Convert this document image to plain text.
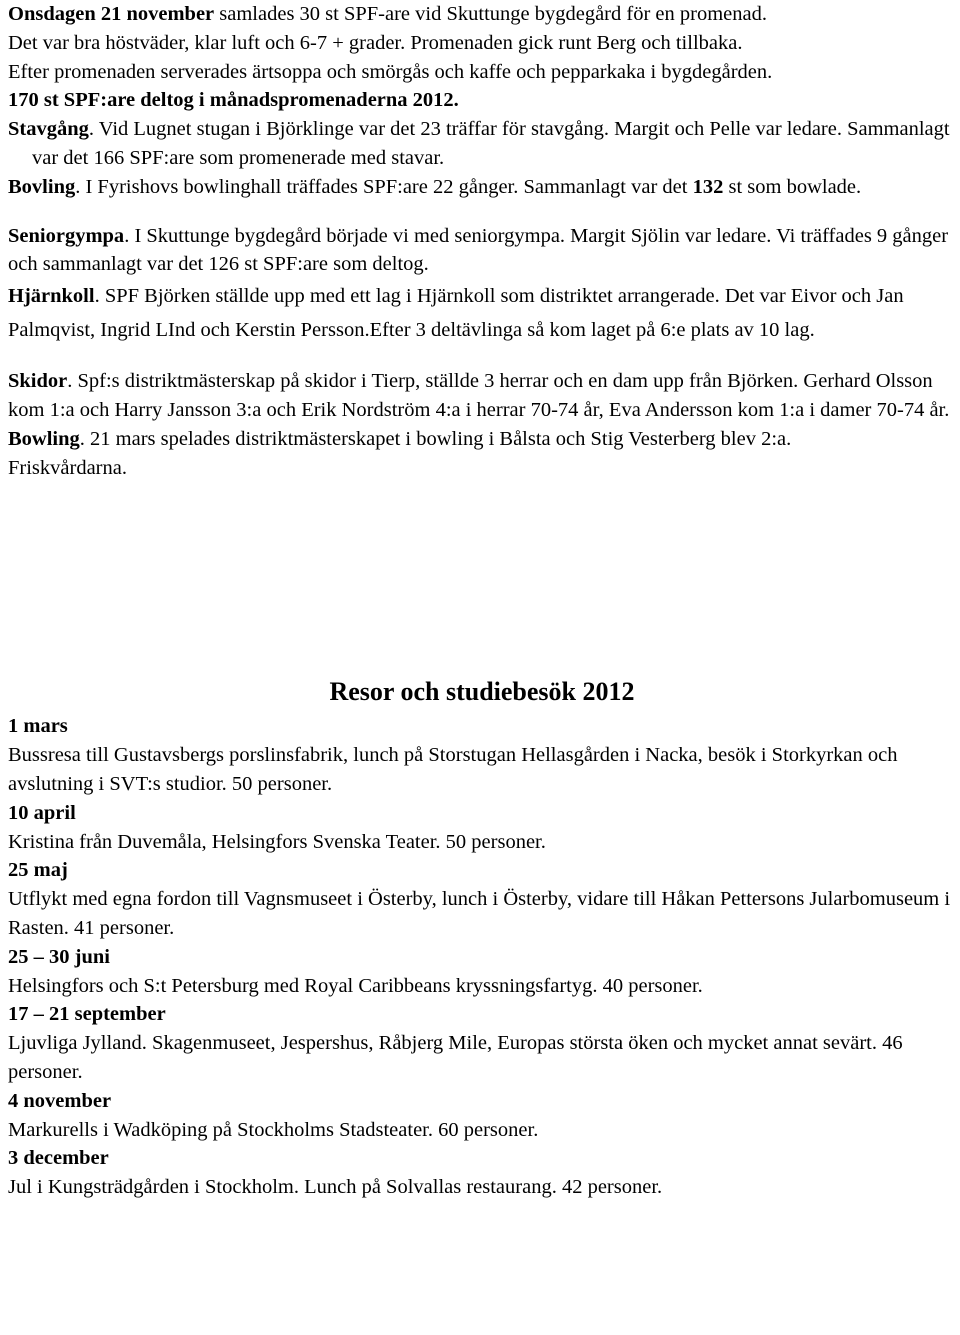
Onsdagen 21 november samlades 30 st SPF-are vid Skuttunge bygdegård för en promenad.
Det var bra höstväder, klar luft och 6-7 + grader. Promenaden gick runt Berg och tillbaka.
Efter promenaden serverades ärtsoppa och smörgås och kaffe och pepparkaka i bygdegården.
170 st SPF:are deltog i månadspromenaderna 2012.

Stavgång. Vid Lugnet stugan i Björklinge var det 23 träffar för stavgång. Margit och Pelle var ledare. Sammanlagt var det 166 SPF:are som promenerade med stavar.

Bovling. I Fyrishovs bowlinghall träffades SPF:are 22 gånger. Sammanlagt var det 132 st som bowlade.

Seniorgympa. I Skuttunge bygdegård började vi med seniorgympa. Margit Sjölin var ledare. Vi träffades 9 gånger och sammanlagt var det 126 st SPF:are som deltog.

Hjärnkoll. SPF Björken ställde upp med ett lag i Hjärnkoll som distriktet arrangerade. Det var Eivor och Jan Palmqvist, Ingrid LInd och Kerstin Persson.Efter 3 deltävlinga så kom laget på 6:e plats av 10 lag.

Skidor. Spf:s distriktmästerskap på skidor i Tierp, ställde 3 herrar och en dam upp från Björken. Gerhard Olsson kom 1:a och Harry Jansson 3:a och Erik Nordström 4:a i herrar 70-74 år, Eva Andersson kom 1:a i damer 70-74 år.

Bowling. 21 mars spelades distriktmästerskapet i bowling i Bålsta och Stig Vesterberg blev 2:a.

Friskvårdarna.

Resor och studiebesök 2012

1 mars

Bussresa till Gustavsbergs porslinsfabrik, lunch på Storstugan Hellasgården i Nacka, besök i Storkyrkan och avslutning i SVT:s studior. 50 personer.

10 april

Kristina från Duvemåla, Helsingfors Svenska Teater. 50 personer.

25 maj

Utflykt med egna fordon till Vagnsmuseet i Österby, lunch i Österby, vidare till Håkan Pettersons Jularbomuseum i Rasten. 41 personer.

25 – 30 juni

Helsingfors och S:t Petersburg med Royal Caribbeans kryssningsfartyg. 40 personer.

17 – 21 september

Ljuvliga Jylland. Skagenmuseet, Jespershus, Råbjerg Mile, Europas största öken och mycket annat sevärt. 46 personer.

4 november

Markurells i Wadköping på Stockholms Stadsteater. 60 personer.

3 december

Jul i Kungsträdgården i Stockholm. Lunch på Solvallas restaurang. 42 personer.
